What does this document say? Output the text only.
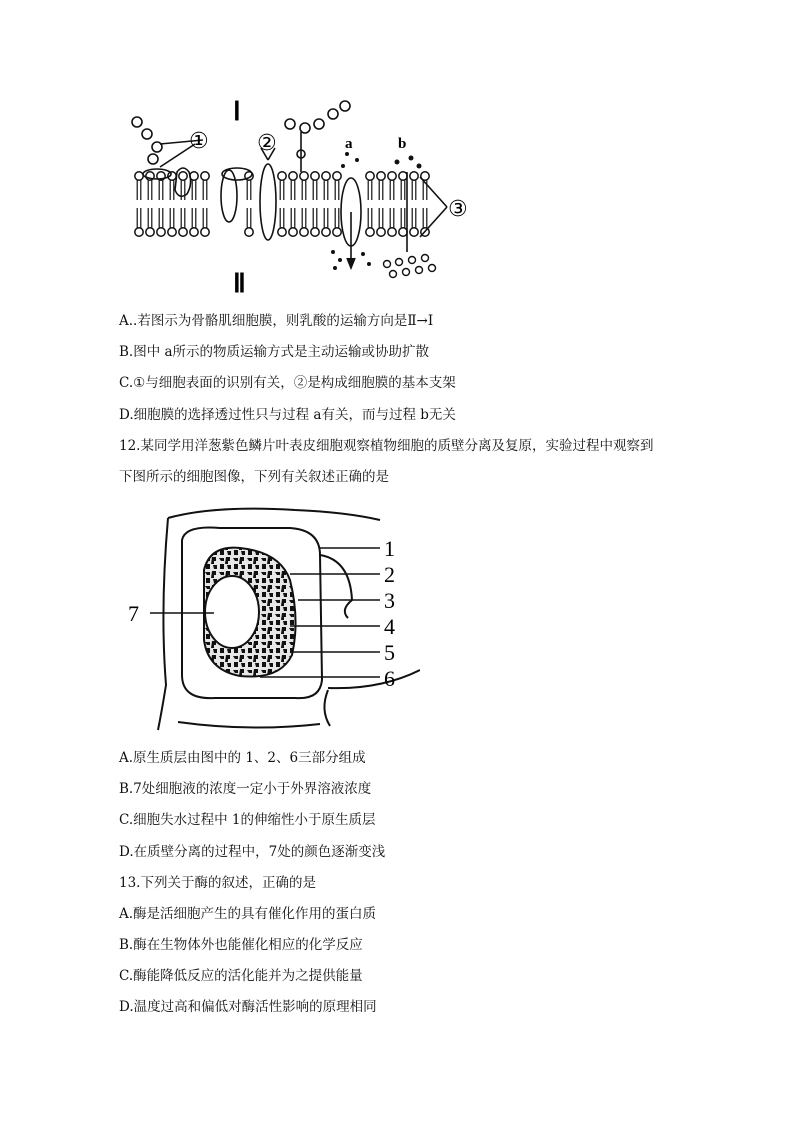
Ⅰ
Ⅱ
① ②
③
a	b
A..若图示为骨骼肌细胞膜，则乳酸的运输方向是Ⅱ→Ⅰ
B.图中 a所示的物质运输方式是主动运输或协助扩散
C.①与细胞表面的识别有关，②是构成细胞膜的基本支架
D.细胞膜的选择透过性只与过程 a有关，而与过程 b无关
12.某同学用洋葱紫色鳞片叶表皮细胞观察植物细胞的质壁分离及复原，实验过程中观察到
下图所示的细胞图像，下列有关叙述正确的是
1
2
3
4
5
6
7
A.原生质层由图中的 1、2、6三部分组成
B.7处细胞液的浓度一定小于外界溶液浓度
C.细胞失水过程中 1的伸缩性小于原生质层
D.在质壁分离的过程中，7处的颜色逐渐变浅
13.下列关于酶的叙述，正确的是
A.酶是活细胞产生的具有催化作用的蛋白质
B.酶在生物体外也能催化相应的化学反应
C.酶能降低反应的活化能并为之提供能量
D.温度过高和偏低对酶活性影响的原理相同
